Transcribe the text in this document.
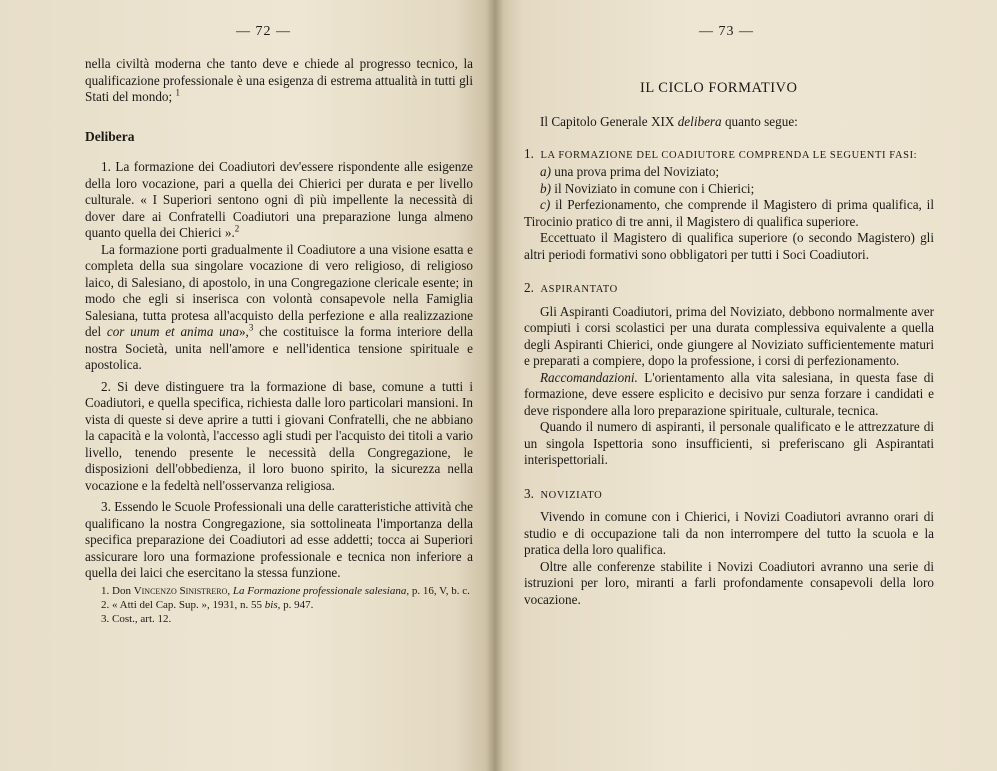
— 72 —	— 73 —

nella civiltà moderna che tanto deve e chiede al progresso tecnico, la qualificazione professionale è una esigenza di estrema attualità in tutti gli Stati del mondo; $^1$

Delibera

1. La formazione dei Coadiutori dev'essere rispondente alle esigenze della loro vocazione, pari a quella dei Chierici per durata e per livello culturale. « I Superiori sentono ogni dì più impellente la necessità di dover dare ai Confratelli Coadiutori una preparazione lunga almeno quanto quella dei Chierici ».$^2$

La formazione porti gradualmente il Coadiutore a una visione esatta e completa della sua singolare vocazione di vero religioso, di religioso laico, di Salesiano, di apostolo, in una Congregazione clericale esente; in modo che egli si inserisca con volontà consapevole nella Famiglia Salesiana, tutta protesa all'acquisto della perfezione e alla realizzazione del cor unum et anima una»,$^3$ che costituisce la forma interiore della nostra Società, unita nell'amore e nell'identica tensione spirituale e apostolica.

2. Si deve distinguere tra la formazione di base, comune a tutti i Coadiutori, e quella specifica, richiesta dalle loro particolari mansioni. In vista di queste si deve aprire a tutti i giovani Confratelli, che ne abbiano la capacità e la volontà, l'accesso agli studi per l'acquisto dei titoli a vario livello, tenendo presente le necessità della Congregazione, le disposizioni dell'obbedienza, il loro buono spirito, la sicurezza nella vocazione e la fedeltà nell'osservanza religiosa.

3. Essendo le Scuole Professionali una delle caratteristiche attività che qualificano la nostra Congregazione, sia sottolineata l'importanza della specifica preparazione dei Coadiutori ad esse addetti; tocca ai Superiori assicurare loro una formazione professionale e tecnica non inferiore a quella dei laici che esercitano la stessa funzione.

1. Don Vincenzo Sinistrero, La Formazione professionale salesiana, p. 16, V, b. c.

2. « Atti del Cap. Sup. », 1931, n. 55 bis, p. 947.

3. Cost., art. 12.

IL CICLO FORMATIVO

Il Capitolo Generale XIX delibera quanto segue:

1. LA FORMAZIONE DEL COADIUTORE COMPRENDA LE SEGUENTI FASI:

a) una prova prima del Noviziato;

b) il Noviziato in comune con i Chierici;

c) il Perfezionamento, che comprende il Magistero di prima qualifica, il Tirocinio pratico di tre anni, il Magistero di qualifica superiore.

Eccettuato il Magistero di qualifica superiore (o secondo Magistero) gli altri periodi formativi sono obbligatori per tutti i Soci Coadiutori.

2. ASPIRANTATO

Gli Aspiranti Coadiutori, prima del Noviziato, debbono normalmente aver compiuti i corsi scolastici per una durata complessiva equivalente a quella degli Aspiranti Chierici, onde giungere al Noviziato sufficientemente maturi e preparati a compiere, dopo la professione, i corsi di perfezionamento.

Raccomandazioni. L'orientamento alla vita salesiana, in questa fase di formazione, deve essere esplicito e decisivo pur senza forzare i candidati e deve rispondere alla loro preparazione spirituale, culturale, tecnica.

Quando il numero di aspiranti, il personale qualificato e le attrezzature di un singola Ispettoria sono insufficienti, si preferiscano gli Aspirantati interispettoriali.

3. NOVIZIATO

Vivendo in comune con i Chierici, i Novizi Coadiutori avranno orari di studio e di occupazione tali da non interrompere del tutto la scuola e la pratica della loro qualifica.

Oltre alle conferenze stabilite i Novizi Coadiutori avranno una serie di istruzioni per loro, miranti a farli profondamente consapevoli della loro vocazione.
